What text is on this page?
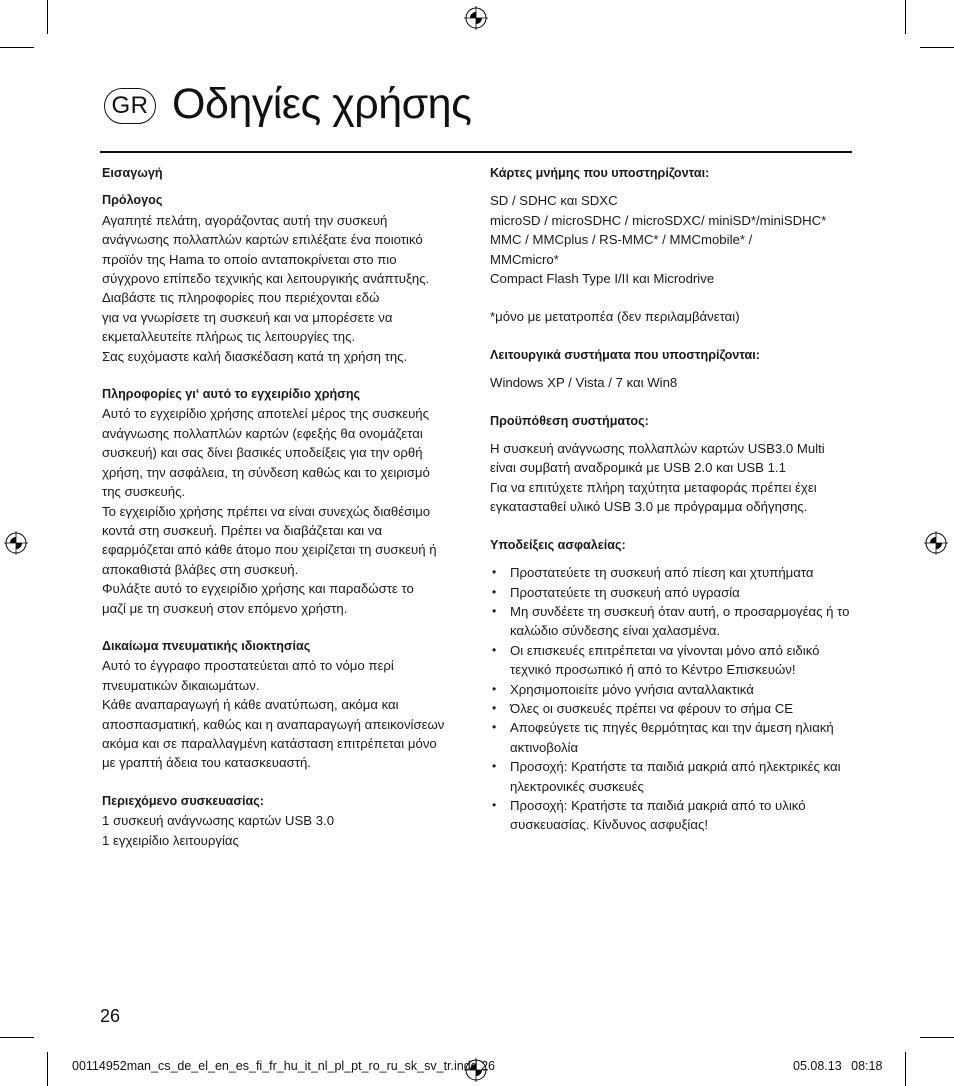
GR Οδηγίες χρήσης

Εισαγωγή

Πρόλογος

Αγαπητέ πελάτη, αγοράζοντας αυτή την συσκευή
ανάγνωσης πολλαπλών καρτών επιλέξατε ένα ποιοτικό
προϊόν της Hama το οποίο ανταποκρίνεται στο πιο
σύγχρονο επίπεδο τεχνικής και λειτουργικής ανάπτυξης.
Διαβάστε τις πληροφορίες που περιέχονται εδώ
για να γνωρίσετε τη συσκευή και να μπορέσετε να
εκμεταλλευτείτε πλήρως τις λειτουργίες της.
Σας ευχόμαστε καλή διασκέδαση κατά τη χρήση της.

Πληροφορίες γι‘ αυτό το εγχειρίδιο χρήσης

Αυτό το εγχειρίδιο χρήσης αποτελεί μέρος της συσκευής
ανάγνωσης πολλαπλών καρτών (εφεξής θα ονομάζεται
συσκευή) και σας δίνει βασικές υποδείξεις για την ορθή
χρήση, την ασφάλεια, τη σύνδεση καθώς και το χειρισμό
της συσκευής.
Το εγχειρίδιο χρήσης πρέπει να είναι συνεχώς διαθέσιμο
κοντά στη συσκευή. Πρέπει να διαβάζεται και να
εφαρμόζεται από κάθε άτομο που χειρίζεται τη συσκευή ή
αποκαθιστά βλάβες στη συσκευή.
Φυλάξτε αυτό το εγχειρίδιο χρήσης και παραδώστε το
μαζί με τη συσκευή στον επόμενο χρήστη.

Δικαίωμα πνευματικής ιδιοκτησίας

Αυτό το έγγραφο προστατεύεται από το νόμο περί
πνευματικών δικαιωμάτων.
Κάθε αναπαραγωγή ή κάθε ανατύπωση, ακόμα και
αποσπασματική, καθώς και η αναπαραγωγή απεικονίσεων
ακόμα και σε παραλλαγμένη κατάσταση επιτρέπεται μόνο
με γραπτή άδεια του κατασκευαστή.

Περιεχόμενο συσκευασίας:

1 συσκευή ανάγνωσης καρτών USB 3.0
1 εγχειρίδιο λειτουργίας

Κάρτες μνήμης που υποστηρίζονται:

SD / SDHC και SDXC
microSD / microSDHC / microSDXC/ miniSD*/miniSDHC*
MMC / MMCplus / RS-MMC* / MMCmobile* /
MMCmicro*
Compact Flash Type I/II και Microdrive

*μόνο με μετατροπέα (δεν περιλαμβάνεται)

Λειτουργικά συστήματα που υποστηρίζονται:

Windows XP / Vista / 7 και Win8

Προϋπόθεση συστήματος:

Η συσκευή ανάγνωσης πολλαπλών καρτών USB3.0 Multi
είναι συμβατή αναδρομικά με USB 2.0 και USB 1.1
Για να επιτύχετε πλήρη ταχύτητα μεταφοράς πρέπει έχει
εγκατασταθεί υλικό USB 3.0 με πρόγραμμα οδήγησης.

Υποδείξεις ασφαλείας:

• Προστατεύετε τη συσκευή από πίεση και χτυπήματα
• Προστατεύετε τη συσκευή από υγρασία
• Μη συνδέετε τη συσκευή όταν αυτή, ο προσαρμογέας ή το καλώδιο σύνδεσης είναι χαλασμένα.
• Οι επισκευές επιτρέπεται να γίνονται μόνο από ειδικό τεχνικό προσωπικό ή από το Κέντρο Επισκευών!
• Χρησιμοποιείτε μόνο γνήσια ανταλλακτικά
• Όλες οι συσκευές πρέπει να φέρουν το σήμα CE
• Αποφεύγετε τις πηγές θερμότητας και την άμεση ηλιακή ακτινοβολία
• Προσοχή: Κρατήστε τα παιδιά μακριά από ηλεκτρικές και ηλεκτρονικές συσκευές
• Προσοχή: Κρατήστε τα παιδιά μακριά από το υλικό συσκευασίας. Κίνδυνος ασφυξίας!
26
00114952man_cs_de_el_en_es_fi_fr_hu_it_nl_pl_pt_ro_ru_sk_sv_tr.indd 26	05.08.13 08:18
